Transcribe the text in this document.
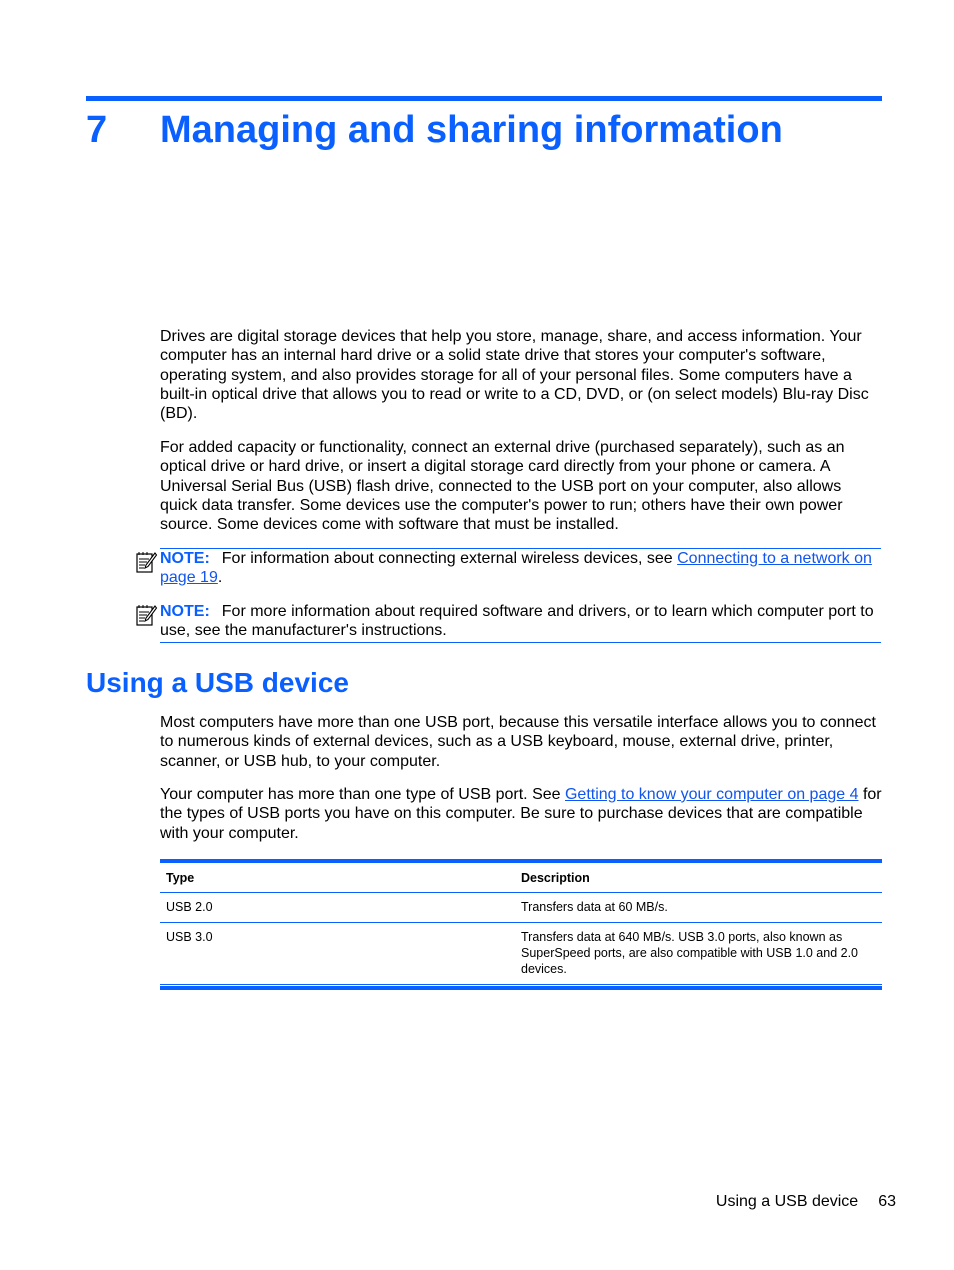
7 Managing and sharing information

Drives are digital storage devices that help you store, manage, share, and access information. Your computer has an internal hard drive or a solid state drive that stores your computer's software, operating system, and also provides storage for all of your personal files. Some computers have a built-in optical drive that allows you to read or write to a CD, DVD, or (on select models) Blu-ray Disc (BD).

For added capacity or functionality, connect an external drive (purchased separately), such as an optical drive or hard drive, or insert a digital storage card directly from your phone or camera. A Universal Serial Bus (USB) flash drive, connected to the USB port on your computer, also allows quick data transfer. Some devices use the computer's power to run; others have their own power source. Some devices come with software that must be installed.

NOTE: For information about connecting external wireless devices, see Connecting to a network on page 19.

NOTE: For more information about required software and drivers, or to learn which computer port to use, see the manufacturer's instructions.

Using a USB device

Most computers have more than one USB port, because this versatile interface allows you to connect to numerous kinds of external devices, such as a USB keyboard, mouse, external drive, printer, scanner, or USB hub, to your computer.

Your computer has more than one type of USB port. See Getting to know your computer on page 4 for the types of USB ports you have on this computer. Be sure to purchase devices that are compatible with your computer.

Type	Description
USB 2.0	Transfers data at 60 MB/s.
USB 3.0	Transfers data at 640 MB/s. USB 3.0 ports, also known as SuperSpeed ports, are also compatible with USB 1.0 and 2.0 devices.
Using a USB device 63
